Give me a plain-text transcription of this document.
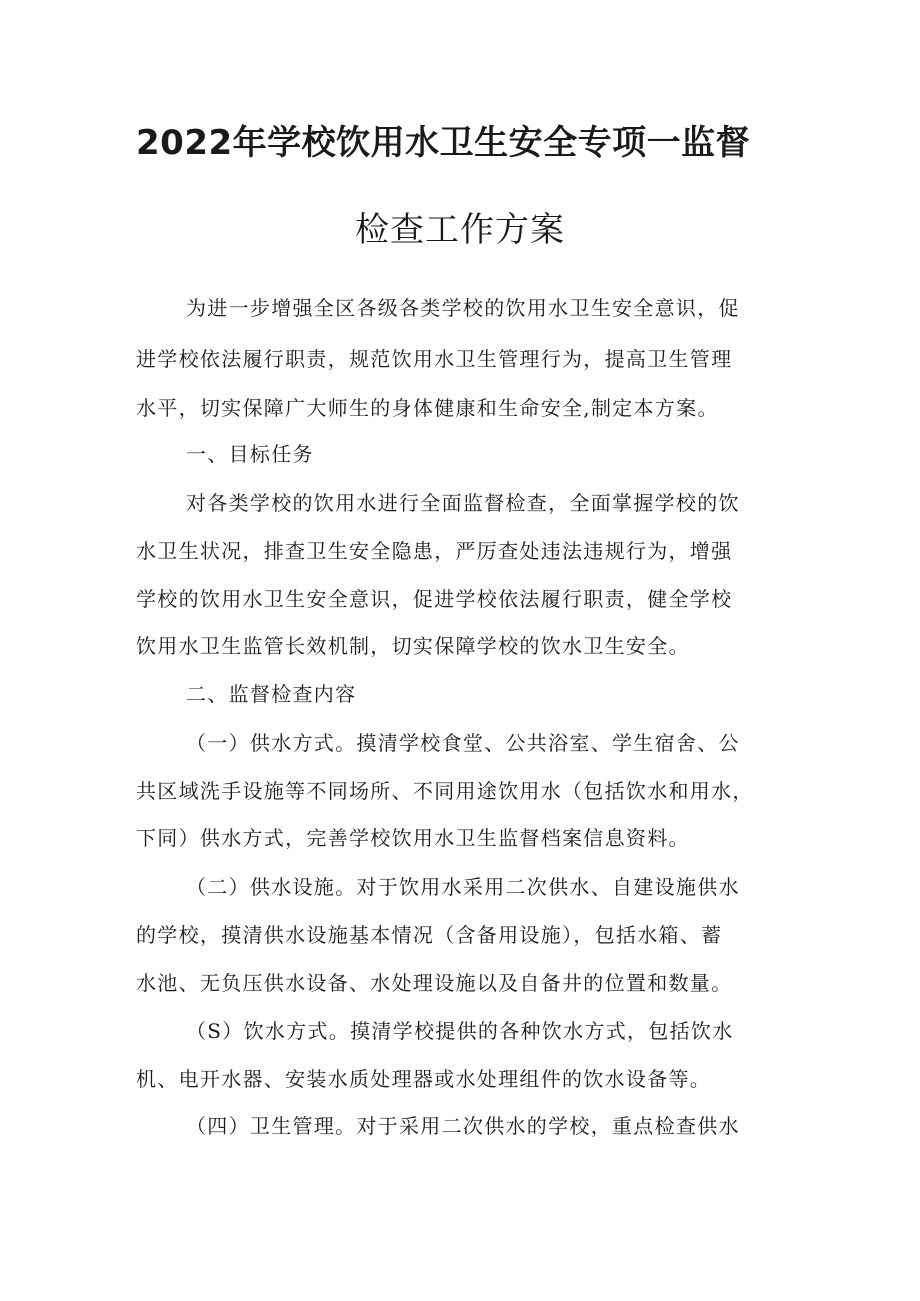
2022年学校饮用水卫生安全专项一监督
检查工作方案
为进一步增强全区各级各类学校的饮用水卫生安全意识，促
进学校依法履行职责，规范饮用水卫生管理行为，提高卫生管理
水平，切实保障广大师生的身体健康和生命安全,制定本方案。
一、目标任务
对各类学校的饮用水进行全面监督检查，全面掌握学校的饮
水卫生状况，排查卫生安全隐患，严厉查处违法违规行为，增强
学校的饮用水卫生安全意识，促进学校依法履行职责，健全学校
饮用水卫生监管长效机制，切实保障学校的饮水卫生安全。
二、监督检查内容
（一）供水方式。摸清学校食堂、公共浴室、学生宿舍、公
共区域洗手设施等不同场所、不同用途饮用水（包括饮水和用水，
下同）供水方式，完善学校饮用水卫生监督档案信息资料。
（二）供水设施。对于饮用水采用二次供水、自建设施供水
的学校，摸清供水设施基本情况（含备用设施），包括水箱、蓄
水池、无负压供水设备、水处理设施以及自备井的位置和数量。
（S）饮水方式。摸清学校提供的各种饮水方式，包括饮水
机、电开水器、安装水质处理器或水处理组件的饮水设备等。
（四）卫生管理。对于采用二次供水的学校，重点检查供水
